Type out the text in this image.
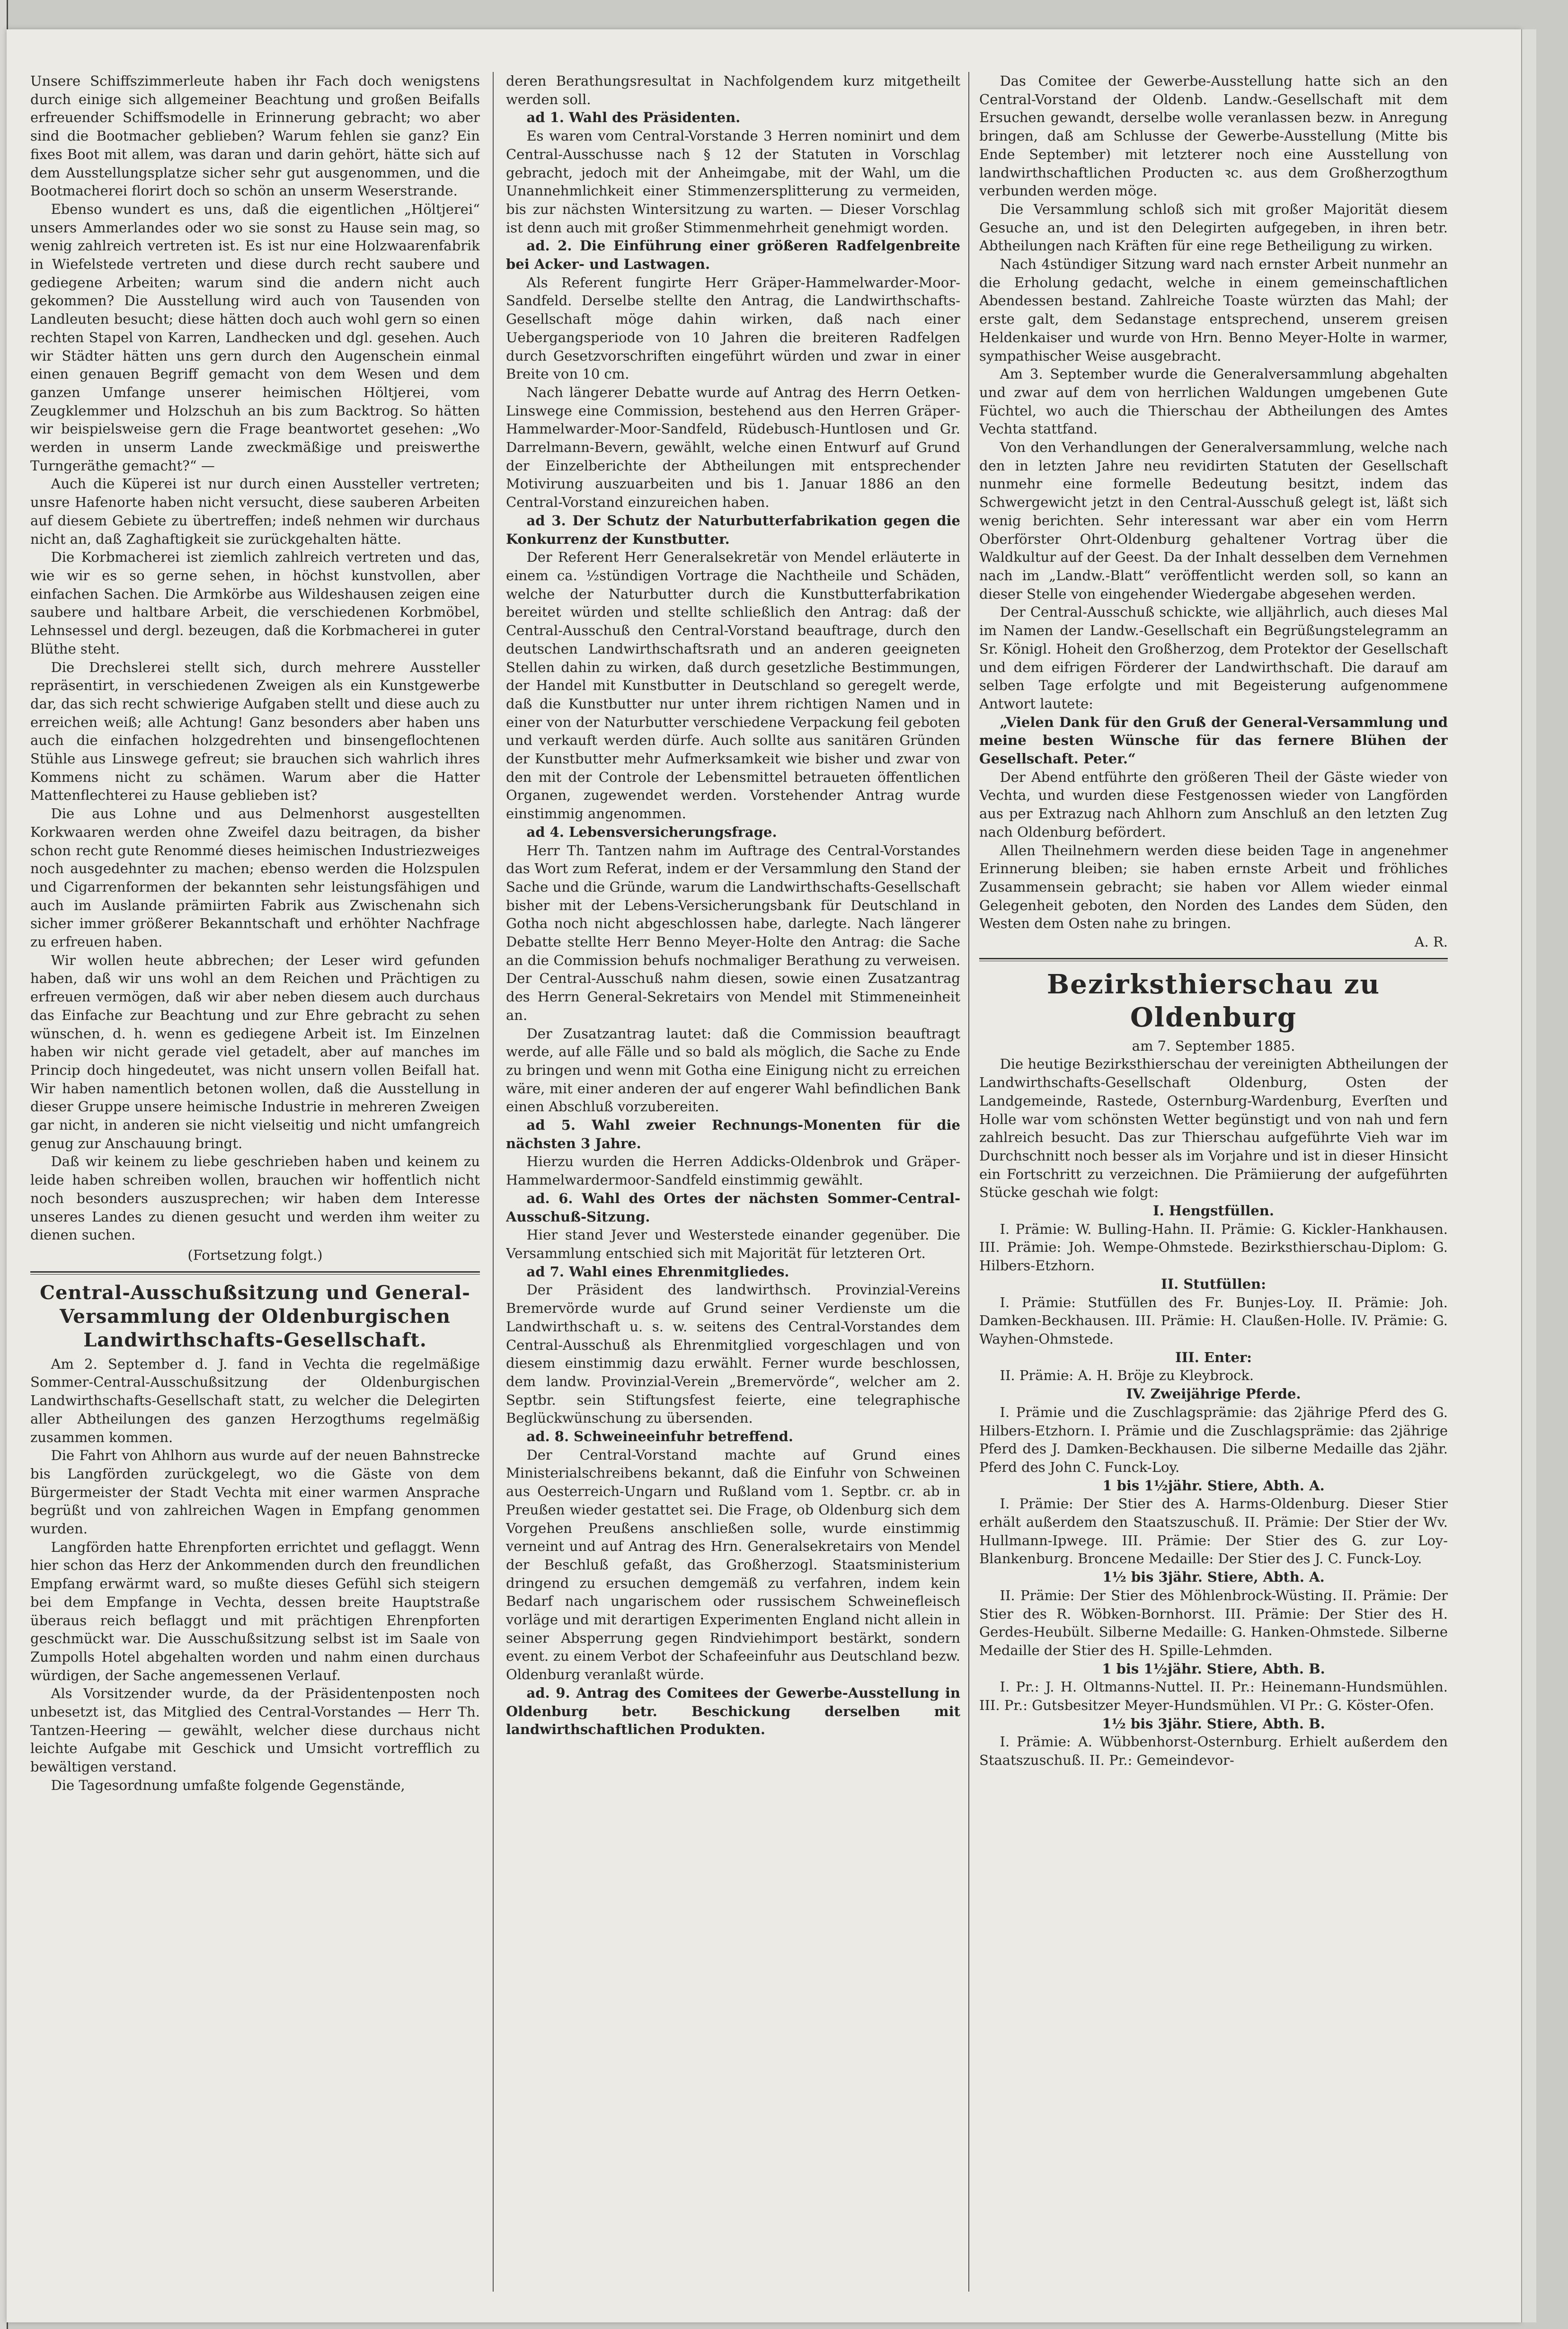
Unsere Schiffszimmerleute haben ihr Fach doch wenigstens durch einige sich allgemeiner Beachtung und großen Beifalls erfreuender Schiffsmodelle in Erinnerung gebracht; wo aber sind die Bootmacher geblieben? Warum fehlen sie ganz? Ein fixes Boot mit allem, was daran und darin gehört, hätte sich auf dem Ausstellungsplatze sicher sehr gut ausgenommen, und die Bootmacherei florirt doch so schön an unserm Weserstrande.

Ebenso wundert es uns, daß die eigentlichen „Höltjerei“ unsers Ammerlandes oder wo sie sonst zu Hause sein mag, so wenig zahlreich vertreten ist. Es ist nur eine Holzwaarenfabrik in Wiefelstede vertreten und diese durch recht saubere und gediegene Arbeiten; warum sind die andern nicht auch gekommen? Die Ausstellung wird auch von Tausenden von Landleuten besucht; diese hätten doch auch wohl gern so einen rechten Stapel von Karren, Landhecken und dgl. gesehen. Auch wir Städter hätten uns gern durch den Augenschein einmal einen genauen Begriff gemacht von dem Wesen und dem ganzen Umfange unserer heimischen Höltjerei, vom Zeugklemmer und Holzschuh an bis zum Backtrog. So hätten wir beispielsweise gern die Frage beantwortet gesehen: „Wo werden in unserm Lande zweckmäßige und preiswerthe Turngeräthe gemacht?“ —

Auch die Küperei ist nur durch einen Aussteller vertreten; unsre Hafenorte haben nicht versucht, diese sauberen Arbeiten auf diesem Gebiete zu übertreffen; indeß nehmen wir durchaus nicht an, daß Zaghaftigkeit sie zurückgehalten hätte.

Die Korbmacherei ist ziemlich zahlreich vertreten und das, wie wir es so gerne sehen, in höchst kunstvollen, aber einfachen Sachen. Die Armkörbe aus Wildeshausen zeigen eine saubere und haltbare Arbeit, die verschiedenen Korbmöbel, Lehnsessel und dergl. bezeugen, daß die Korbmacherei in guter Blüthe steht.

Die Drechslerei stellt sich, durch mehrere Aussteller repräsentirt, in verschiedenen Zweigen als ein Kunstgewerbe dar, das sich recht schwierige Aufgaben stellt und diese auch zu erreichen weiß; alle Achtung! Ganz besonders aber haben uns auch die einfachen holzgedrehten und binsengeflochtenen Stühle aus Linswege gefreut; sie brauchen sich wahrlich ihres Kommens nicht zu schämen. Warum aber die Hatter Mattenflechterei zu Hause geblieben ist?

Die aus Lohne und aus Delmenhorst ausgestellten Korkwaaren werden ohne Zweifel dazu beitragen, da bisher schon recht gute Renommé dieses heimischen Industriezweiges noch ausgedehnter zu machen; ebenso werden die Holzspulen und Cigarrenformen der bekannten sehr leistungsfähigen und auch im Auslande prämiirten Fabrik aus Zwischenahn sich sicher immer größerer Bekanntschaft und erhöhter Nachfrage zu erfreuen haben.

Wir wollen heute abbrechen; der Leser wird gefunden haben, daß wir uns wohl an dem Reichen und Prächtigen zu erfreuen vermögen, daß wir aber neben diesem auch durchaus das Einfache zur Beachtung und zur Ehre gebracht zu sehen wünschen, d. h. wenn es gediegene Arbeit ist. Im Einzelnen haben wir nicht gerade viel getadelt, aber auf manches im Princip doch hingedeutet, was nicht unsern vollen Beifall hat. Wir haben namentlich betonen wollen, daß die Ausstellung in dieser Gruppe unsere heimische Industrie in mehreren Zweigen gar nicht, in anderen sie nicht vielseitig und nicht umfangreich genug zur Anschauung bringt.

Daß wir keinem zu liebe geschrieben haben und keinem zu leide haben schreiben wollen, brauchen wir hoffentlich nicht noch besonders auszusprechen; wir haben dem Interesse unseres Landes zu dienen gesucht und werden ihm weiter zu dienen suchen.

(Fortsetzung folgt.)

Central-Ausschußsitzung und General-Versammlung der Oldenburgischen Landwirthschafts-Gesellschaft.

Am 2. September d. J. fand in Vechta die regelmäßige Sommer-Central-Ausschußsitzung der Oldenburgischen Landwirthschafts-Gesellschaft statt, zu welcher die Delegirten aller Abtheilungen des ganzen Herzogthums regelmäßig zusammen kommen.

Die Fahrt von Ahlhorn aus wurde auf der neuen Bahnstrecke bis Langförden zurückgelegt, wo die Gäste von dem Bürgermeister der Stadt Vechta mit einer warmen Ansprache begrüßt und von zahlreichen Wagen in Empfang genommen wurden.

Langförden hatte Ehrenpforten errichtet und geflaggt. Wenn hier schon das Herz der Ankommenden durch den freundlichen Empfang erwärmt ward, so mußte dieses Gefühl sich steigern bei dem Empfange in Vechta, dessen breite Hauptstraße überaus reich beflaggt und mit prächtigen Ehrenpforten geschmückt war. Die Ausschußsitzung selbst ist im Saale von Zumpolls Hotel abgehalten worden und nahm einen durchaus würdigen, der Sache angemessenen Verlauf.

Als Vorsitzender wurde, da der Präsidentenposten noch unbesetzt ist, das Mitglied des Central-Vorstandes — Herr Th. Tantzen-Heering — gewählt, welcher diese durchaus nicht leichte Aufgabe mit Geschick und Umsicht vortrefflich zu bewältigen verstand.

Die Tagesordnung umfaßte folgende Gegenstände,

deren Berathungsresultat in Nachfolgendem kurz mitgetheilt werden soll.

ad 1. Wahl des Präsidenten.

Es waren vom Central-Vorstande 3 Herren nominirt und dem Central-Ausschusse nach § 12 der Statuten in Vorschlag gebracht, jedoch mit der Anheimgabe, mit der Wahl, um die Unannehmlichkeit einer Stimmenzersplitterung zu vermeiden, bis zur nächsten Wintersitzung zu warten. — Dieser Vorschlag ist denn auch mit großer Stimmenmehrheit genehmigt worden.

ad. 2. Die Einführung einer größeren Radfelgenbreite bei Acker- und Lastwagen.

Als Referent fungirte Herr Gräper-Hammelwarder-Moor-Sandfeld. Derselbe stellte den Antrag, die Landwirthschafts-Gesellschaft möge dahin wirken, daß nach einer Uebergangsperiode von 10 Jahren die breiteren Radfelgen durch Gesetzvorschriften eingeführt würden und zwar in einer Breite von 10 cm.

Nach längerer Debatte wurde auf Antrag des Herrn Oetken-Linswege eine Commission, bestehend aus den Herren Gräper-Hammelwarder-Moor-Sandfeld, Rüdebusch-Huntlosen und Gr. Darrelmann-Bevern, gewählt, welche einen Entwurf auf Grund der Einzelberichte der Abtheilungen mit entsprechender Motivirung auszuarbeiten und bis 1. Januar 1886 an den Central-Vorstand einzureichen haben.

ad 3. Der Schutz der Naturbutterfabrikation gegen die Konkurrenz der Kunstbutter.

Der Referent Herr Generalsekretär von Mendel erläuterte in einem ca. ½stündigen Vortrage die Nachtheile und Schäden, welche der Naturbutter durch die Kunstbutterfabrikation bereitet würden und stellte schließlich den Antrag: daß der Central-Ausschuß den Central-Vorstand beauftrage, durch den deutschen Landwirthschaftsrath und an anderen geeigneten Stellen dahin zu wirken, daß durch gesetzliche Bestimmungen, der Handel mit Kunstbutter in Deutschland so geregelt werde, daß die Kunstbutter nur unter ihrem richtigen Namen und in einer von der Naturbutter verschiedene Verpackung feil geboten und verkauft werden dürfe. Auch sollte aus sanitären Gründen der Kunstbutter mehr Aufmerksamkeit wie bisher und zwar von den mit der Controle der Lebensmittel betraueten öffentlichen Organen, zugewendet werden. Vorstehender Antrag wurde einstimmig angenommen.

ad 4. Lebensversicherungsfrage.

Herr Th. Tantzen nahm im Auftrage des Central-Vorstandes das Wort zum Referat, indem er der Versammlung den Stand der Sache und die Gründe, warum die Landwirthschafts-Gesellschaft bisher mit der Lebens-Versicherungsbank für Deutschland in Gotha noch nicht abgeschlossen habe, darlegte. Nach längerer Debatte stellte Herr Benno Meyer-Holte den Antrag: die Sache an die Commission behufs nochmaliger Berathung zu verweisen. Der Central-Ausschuß nahm diesen, sowie einen Zusatzantrag des Herrn General-Sekretairs von Mendel mit Stimmeneinheit an.

Der Zusatzantrag lautet: daß die Commission beauftragt werde, auf alle Fälle und so bald als möglich, die Sache zu Ende zu bringen und wenn mit Gotha eine Einigung nicht zu erreichen wäre, mit einer anderen der auf engerer Wahl befindlichen Bank einen Abschluß vorzubereiten.

ad 5. Wahl zweier Rechnungs-Monenten für die nächsten 3 Jahre.

Hierzu wurden die Herren Addicks-Oldenbrok und Gräper-Hammelwardermoor-Sandfeld einstimmig gewählt.

ad. 6. Wahl des Ortes der nächsten Sommer-Central-Ausschuß-Sitzung.

Hier stand Jever und Westerstede einander gegenüber. Die Versammlung entschied sich mit Majorität für letzteren Ort.

ad 7. Wahl eines Ehrenmitgliedes.

Der Präsident des landwirthsch. Provinzial-Vereins Bremervörde wurde auf Grund seiner Verdienste um die Landwirthschaft u. s. w. seitens des Central-Vorstandes dem Central-Ausschuß als Ehrenmitglied vorgeschlagen und von diesem einstimmig dazu erwählt. Ferner wurde beschlossen, dem landw. Provinzial-Verein „Bremervörde“, welcher am 2. Septbr. sein Stiftungsfest feierte, eine telegraphische Beglückwünschung zu übersenden.

ad. 8. Schweineeinfuhr betreffend.

Der Central-Vorstand machte auf Grund eines Ministerialschreibens bekannt, daß die Einfuhr von Schweinen aus Oesterreich-Ungarn und Rußland vom 1. Septbr. cr. ab in Preußen wieder gestattet sei. Die Frage, ob Oldenburg sich dem Vorgehen Preußens anschließen solle, wurde einstimmig verneint und auf Antrag des Hrn. Generalsekretairs von Mendel der Beschluß gefaßt, das Großherzogl. Staatsministerium dringend zu ersuchen demgemäß zu verfahren, indem kein Bedarf nach ungarischem oder russischem Schweinefleisch vorläge und mit derartigen Experimenten England nicht allein in seiner Absperrung gegen Rindviehimport bestärkt, sondern event. zu einem Verbot der Schafeeinfuhr aus Deutschland bezw. Oldenburg veranlaßt würde.

ad. 9. Antrag des Comitees der Gewerbe-Ausstellung in Oldenburg betr. Beschickung derselben mit landwirthschaftlichen Produkten.

Das Comitee der Gewerbe-Ausstellung hatte sich an den Central-Vorstand der Oldenb. Landw.-Gesellschaft mit dem Ersuchen gewandt, derselbe wolle veranlassen bezw. in Anregung bringen, daß am Schlusse der Gewerbe-Ausstellung (Mitte bis Ende September) mit letzterer noch eine Ausstellung von landwirthschaftlichen Producten ꝛc. aus dem Großherzogthum verbunden werden möge.

Die Versammlung schloß sich mit großer Majorität diesem Gesuche an, und ist den Delegirten aufgegeben, in ihren betr. Abtheilungen nach Kräften für eine rege Betheiligung zu wirken.

Nach 4stündiger Sitzung ward nach ernster Arbeit nunmehr an die Erholung gedacht, welche in einem gemeinschaftlichen Abendessen bestand. Zahlreiche Toaste würzten das Mahl; der erste galt, dem Sedanstage entsprechend, unserem greisen Heldenkaiser und wurde von Hrn. Benno Meyer-Holte in warmer, sympathischer Weise ausgebracht.

Am 3. September wurde die Generalversammlung abgehalten und zwar auf dem von herrlichen Waldungen umgebenen Gute Füchtel, wo auch die Thierschau der Abtheilungen des Amtes Vechta stattfand.

Von den Verhandlungen der Generalversammlung, welche nach den in letzten Jahre neu revidirten Statuten der Gesellschaft nunmehr eine formelle Bedeutung besitzt, indem das Schwergewicht jetzt in den Central-Ausschuß gelegt ist, läßt sich wenig berichten. Sehr interessant war aber ein vom Herrn Oberförster Ohrt-Oldenburg gehaltener Vortrag über die Waldkultur auf der Geest. Da der Inhalt desselben dem Vernehmen nach im „Landw.-Blatt“ veröffentlicht werden soll, so kann an dieser Stelle von eingehender Wiedergabe abgesehen werden.

Der Central-Ausschuß schickte, wie alljährlich, auch dieses Mal im Namen der Landw.-Gesellschaft ein Begrüßungstelegramm an Sr. Königl. Hoheit den Großherzog, dem Protektor der Gesellschaft und dem eifrigen Förderer der Landwirthschaft. Die darauf am selben Tage erfolgte und mit Begeisterung aufgenommene Antwort lautete:

„Vielen Dank für den Gruß der General-Versammlung und meine besten Wünsche für das fernere Blühen der Gesellschaft. Peter.“

Der Abend entführte den größeren Theil der Gäste wieder von Vechta, und wurden diese Festgenossen wieder von Langförden aus per Extrazug nach Ahlhorn zum Anschluß an den letzten Zug nach Oldenburg befördert.

Allen Theilnehmern werden diese beiden Tage in angenehmer Erinnerung bleiben; sie haben ernste Arbeit und fröhliches Zusammensein gebracht; sie haben vor Allem wieder einmal Gelegenheit geboten, den Norden des Landes dem Süden, den Westen dem Osten nahe zu bringen.

A. R.

Bezirksthierschau zu Oldenburg

am 7. September 1885.

Die heutige Bezirksthierschau der vereinigten Abtheilungen der Landwirthschafts-Gesellschaft Oldenburg, Osten der Landgemeinde, Rastede, Osternburg-Wardenburg, Everſten und Holle war vom schönsten Wetter begünstigt und von nah und fern zahlreich besucht. Das zur Thierschau aufgeführte Vieh war im Durchschnitt noch besser als im Vorjahre und ist in dieser Hinsicht ein Fortschritt zu verzeichnen. Die Prämiierung der aufgeführten Stücke geschah wie folgt:

I. Hengstfüllen.

I. Prämie: W. Bulling-Hahn. II. Prämie: G. Kickler-Hankhausen. III. Prämie: Joh. Wempe-Ohmstede. Bezirksthierschau-Diplom: G. Hilbers-Etzhorn.

II. Stutfüllen:

I. Prämie: Stutfüllen des Fr. Bunjes-Loy. II. Prämie: Joh. Damken-Beckhausen. III. Prämie: H. Claußen-Holle. IV. Prämie: G. Wayhen-Ohmstede.

III. Enter:

II. Prämie: A. H. Bröje zu Kleybrock.

IV. Zweijährige Pferde.

I. Prämie und die Zuschlagsprämie: das 2jährige Pferd des G. Hilbers-Etzhorn. I. Prämie und die Zuschlagsprämie: das 2jährige Pferd des J. Damken-Beckhausen. Die silberne Medaille das 2jähr. Pferd des John C. Funck-Loy.

1 bis 1½jähr. Stiere, Abth. A.

I. Prämie: Der Stier des A. Harms-Oldenburg. Dieser Stier erhält außerdem den Staatszuschuß. II. Prämie: Der Stier der Wv. Hullmann-Ipwege. III. Prämie: Der Stier des G. zur Loy-Blankenburg. Broncene Medaille: Der Stier des J. C. Funck-Loy.

1½ bis 3jähr. Stiere, Abth. A.

II. Prämie: Der Stier des Möhlenbrock-Wüsting. II. Prämie: Der Stier des R. Wöbken-Bornhorst. III. Prämie: Der Stier des H. Gerdes-Heubült. Silberne Medaille: G. Hanken-Ohmstede. Silberne Medaille der Stier des H. Spille-Lehmden.

1 bis 1½jähr. Stiere, Abth. B.

I. Pr.: J. H. Oltmanns-Nuttel. II. Pr.: Heinemann-Hundsmühlen. III. Pr.: Gutsbesitzer Meyer-Hundsmühlen. VI Pr.: G. Köster-Ofen.

1½ bis 3jähr. Stiere, Abth. B.

I. Prämie: A. Wübbenhorst-Osternburg. Erhielt außerdem den Staatszuschuß. II. Pr.: Gemeindevor-
